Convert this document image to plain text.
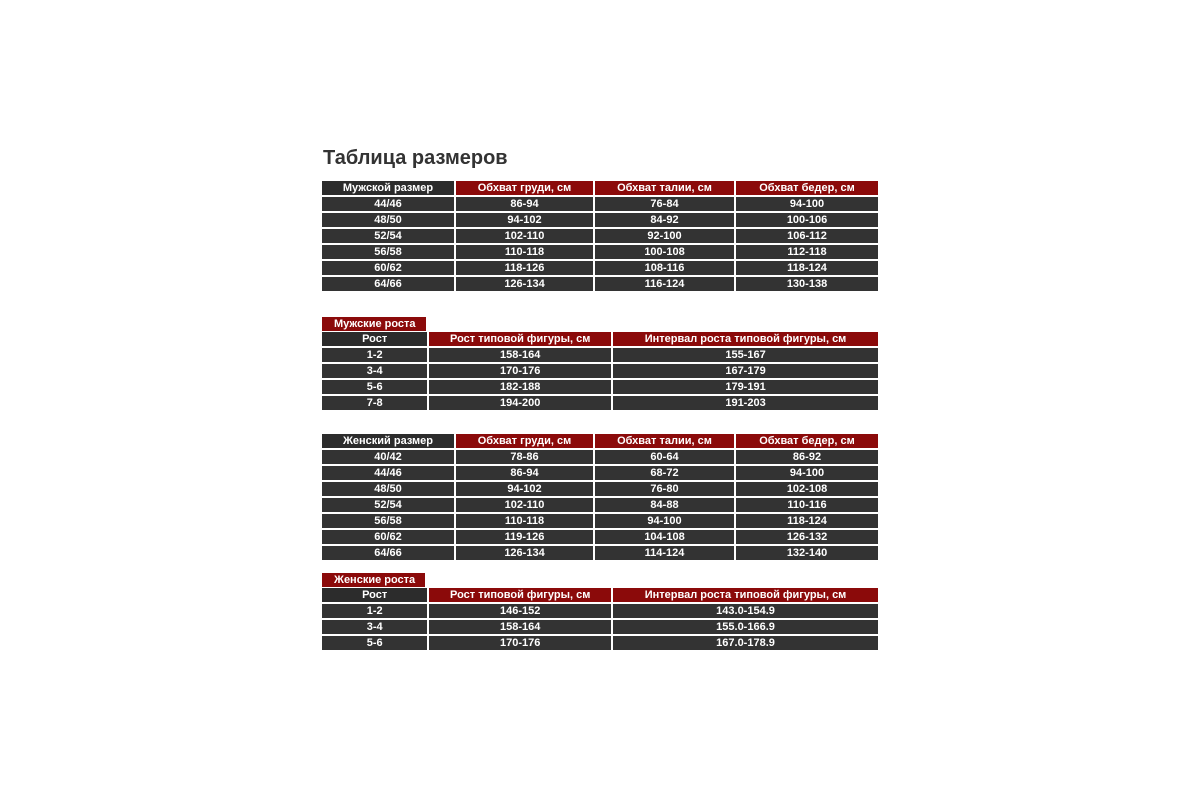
Таблица размеров
Мужской размер	Обхват груди, см	Обхват талии, см	Обхват бедер, см
44/46	86-94	76-84	94-100
48/50	94-102	84-92	100-106
52/54	102-110	92-100	106-112
56/58	110-118	100-108	112-118
60/62	118-126	108-116	118-124
64/66	126-134	116-124	130-138
Мужские роста
Рост	Рост типовой фигуры, см	Интервал роста типовой фигуры, см
1-2	158-164	155-167
3-4	170-176	167-179
5-6	182-188	179-191
7-8	194-200	191-203
Женский размер	Обхват груди, см	Обхват талии, см	Обхват бедер, см
40/42	78-86	60-64	86-92
44/46	86-94	68-72	94-100
48/50	94-102	76-80	102-108
52/54	102-110	84-88	110-116
56/58	110-118	94-100	118-124
60/62	119-126	104-108	126-132
64/66	126-134	114-124	132-140
Женские роста
Рост	Рост типовой фигуры, см	Интервал роста типовой фигуры, см
1-2	146-152	143.0-154.9
3-4	158-164	155.0-166.9
5-6	170-176	167.0-178.9
